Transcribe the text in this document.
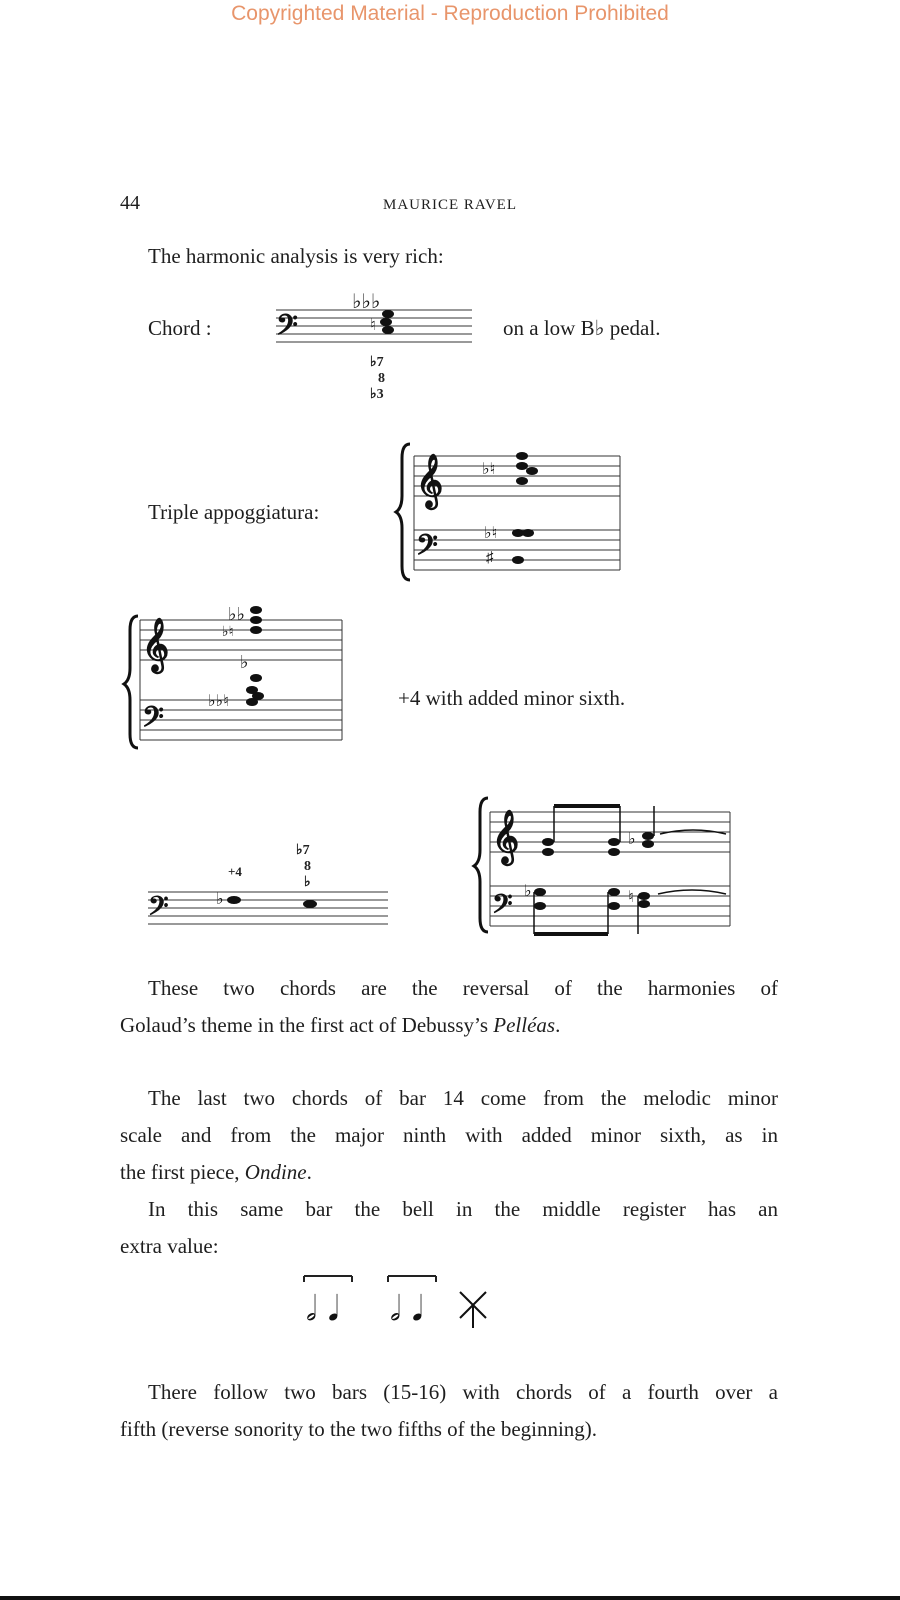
Copyrighted Material - Reproduction Prohibited
44	MAURICE RAVEL
The harmonic analysis is very rich:
Chord : 𝄢
♭♭♭
♮
♭7
8
♭3
on a low B♭ pedal.
Triple appoggiatura:
𝄞
𝄢
♭♮
♭♮
♯
𝄞
𝄢
♭♭
♭♮
♭
♭♭♮	+4 with added minor sixth.
𝄢
+4
♭
♭7
8
♭
𝄞
𝄢
♭
♭	♮
These two chords are the reversal of the harmonies of
Golaud’s theme in the first act of Debussy’s Pelléas.
The last two chords of bar 14 come from the melodic minor
scale and from the major ninth with added minor sixth, as in
the first piece, Ondine.
In this same bar the bell in the middle register has an
extra value:
𝅗𝅥 𝅘𝅥 𝅗𝅥 𝅘𝅥
There follow two bars (15-16) with chords of a fourth over a
fifth (reverse sonority to the two fifths of the beginning).
